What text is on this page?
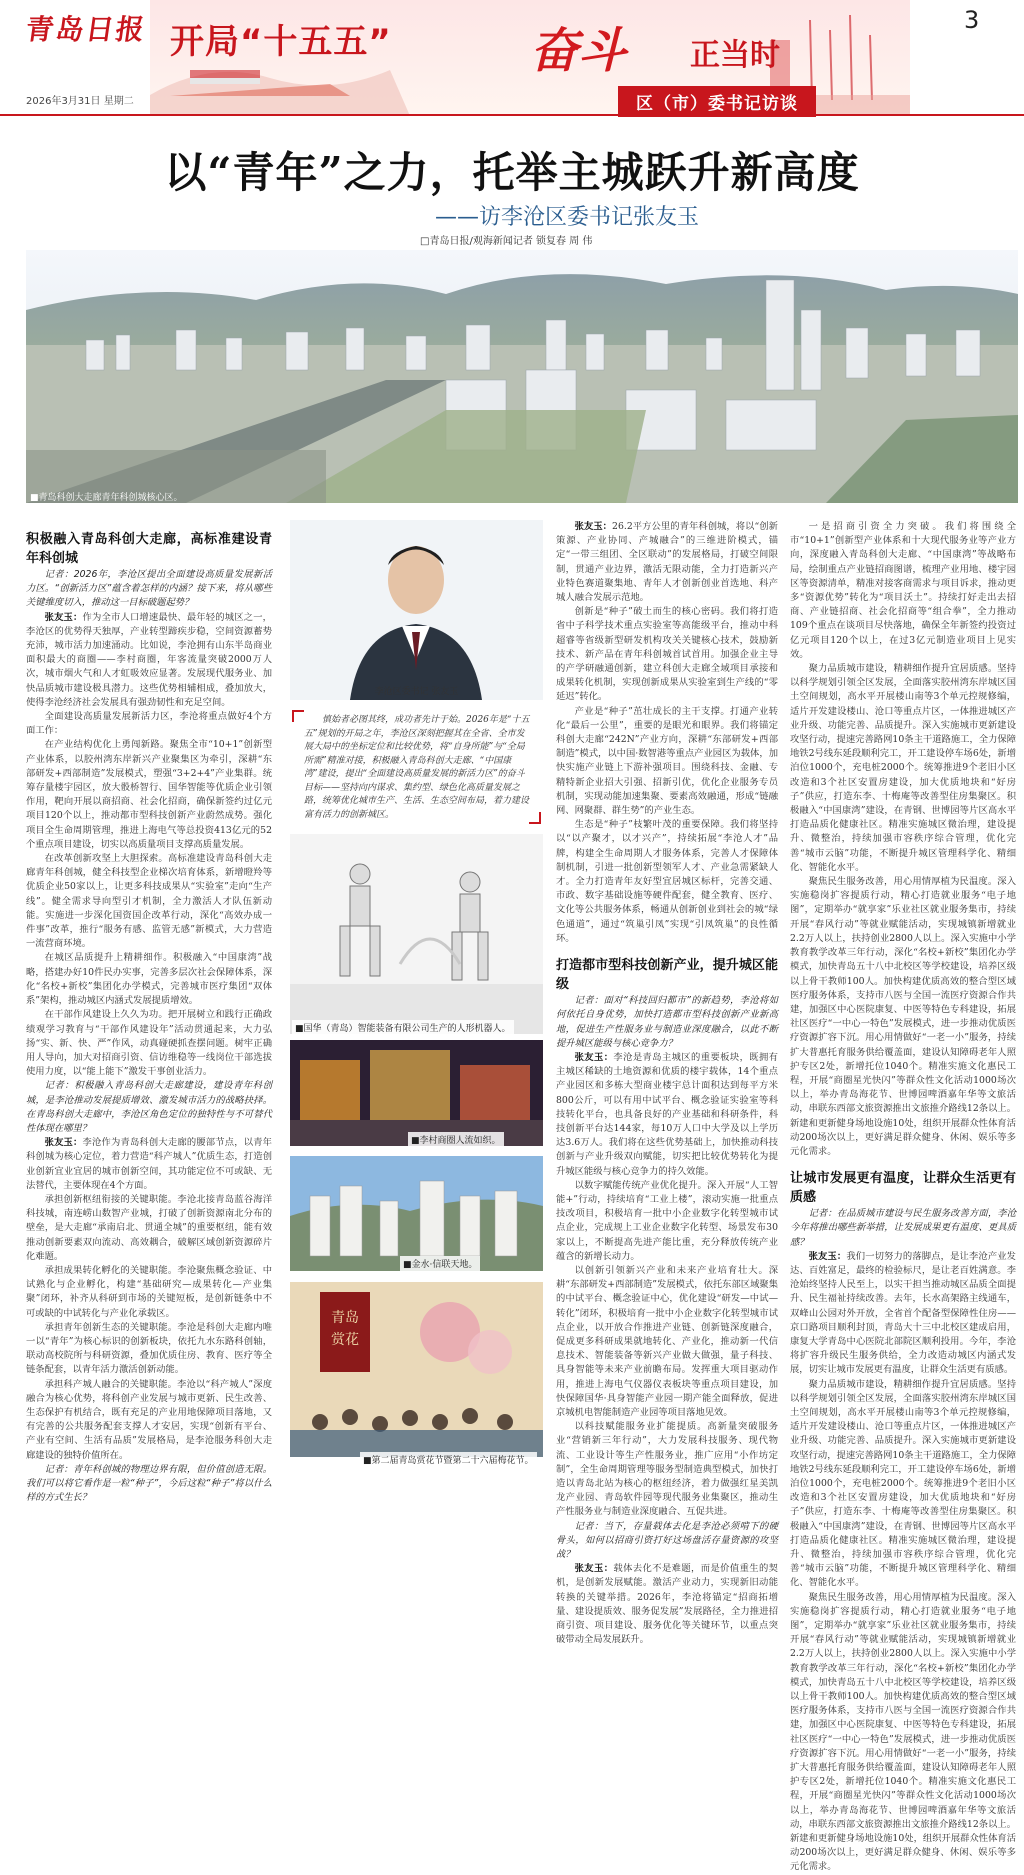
青岛日报
2026年3月31日 星期二
开局“十五五”	奋斗 正当时
区（市）委书记访谈
3
以“青年”之力，托举主城跃升新高度
——访李沧区委书记张友玉
□青岛日报/观海新闻记者 锁复春 周 伟
■青岛科创大走廊青年科创城核心区。

积极融入青岛科创大走廊，高标准建设青年科创城

记者：2026年，李沧区提出全面建设高质量发展新活力区。“创新活力区”蕴含着怎样的内涵？接下来，将从哪些关键维度切入，推动这一目标破题起势？

张友玉：作为全市人口增速最快、最年轻的城区之一，李沧区的优势得天独厚，产业转型蹄疾步稳，空间资源蓄势充沛，城市活力加速涌动。比如说，李沧拥有山东半岛商业面积最大的商圈——李村商圈，年客流量突破2000万人次，城市烟火气和人才虹吸效应显著。发展现代服务业、加快品质城市建设极具潜力。这些优势相辅相成，叠加放大，使得李沧经济社会发展具有强劲韧性和充足空间。

全面建设高质量发展新活力区，李沧将重点做好4个方面工作：

在产业结构优化上勇闯新路。聚焦全市“10+1”创新型产业体系，以胶州湾东岸新兴产业聚集区为牵引，深耕“东部研发+西部制造”发展模式，塑强“3+2+4”产业集群。统筹存量楼宇园区，放大骰桥智行、国华智能等优质企业引领作用，靶向开展以商招商、社会化招商，确保新签约过亿元项目120个以上，推动都市型科技创新产业蔚然成势。强化项目全生命周期管理，推进上海电气等总投资413亿元的52个重点项目建设，切实以高质量项目支撑高质量发展。

在改革创新攻坚上大胆探索。高标准建设青岛科创大走廊青年科创城，健全科技型企业梯次培育体系，新增瞪羚等优质企业50家以上，让更多科技成果从“实验室”走向“生产线”。健全需求导向型引才机制，全力激活人才队伍新动能。实施进一步深化国资国企改革行动，深化“高效办成一件事”改革，推行“服务有感、监管无感”新模式，大力营造一流营商环境。

在城区品质提升上精耕细作。积极融入“中国康湾”战略，搭建办好10件民办实事，完善多层次社会保障体系，深化“名校+新校”集团化办学模式，完善城市医疗集团“双体系”架构，推动城区内涵式发展提质增效。

在干部作风建设上久久为功。把开展树立和践行正确政绩观学习教育与“干部作风建设年”活动贯通起来，大力弘扬“实、新、快、严”作风，动真碰硬抓查摆问题。树牢正确用人导向，加大对招商引资、信访维稳等一线岗位干部选拔使用力度，以“能上能下”激发干事创业活力。

记者：积极融入青岛科创大走廊建设，建设青年科创城，是李沧推动发展提质增效、激发城市活力的战略抉择。在青岛科创大走廊中，李沧区角色定位的独特性与不可替代性体现在哪里？

张友玉：李沧作为青岛科创大走廊的腰部节点，以青年科创城为核心定位，着力营造“科产城人”优质生态，打造创业创新宜业宜居的城市创新空间，其功能定位不可或缺、无法替代，主要体现在4个方面。

承担创新枢纽衔接的关键职能。李沧北接青岛蓝谷海洋科技城，南连崂山数智产业城，打破了创新资源南北分布的壁垒，是大走廊“承南启北、贯通全城”的重要枢纽，能有效推动创新要素双向流动、高效耦合，破解区域创新资源碎片化难题。

承担成果转化孵化的关键职能。李沧聚焦概念验证、中试熟化与企业孵化，构建“基础研究—成果转化—产业集聚”闭环，补齐从科研到市场的关键短板，是创新链条中不可或缺的中试转化与产业化承载区。

承担青年创新生态的关键职能。李沧是科创大走廊内唯一以“青年”为核心标识的创新板块，依托九水东路科创轴，联动高校院所与科研资源，叠加优质住房、教育、医疗等全链条配套，以青年活力激活创新动能。

承担科产城人融合的关键职能。李沧以“科产城人”深度融合为核心优势，将科创产业发展与城市更新、民生改善、生态保护有机结合，既有充足的产业用地保障项目落地，又有完善的公共服务配套支撑人才安居，实现“创新有平台、产业有空间、生活有品质”发展格局，是李沧服务科创大走廊建设的独特价值所在。

记者：青年科创城的物理边界有限，但价值创造无限。我们可以将它看作是一粒“种子”，今后这粒“种子”将以什么样的方式生长？

李沧区委书记 张友玉
慎始者必图其终，成功者先计于始。2026年是“十五五”规划的开局之年，李沧区深刻把握其在全省、全市发展大局中的坐标定位和比较优势，将“自身所能”与“全局所需”精准对接，积极融入青岛科创大走廊、“中国康湾”建设，提出“全面建设高质量发展的新活力区”的奋斗目标——坚持向内谋求、集约型、绿色化高质量发展之路，统筹优化城市生产、生活、生态空间布局，着力建设富有活力的创新城区。
■国华（青岛）智能装备有限公司生产的人形机器人。
■李村商圈人流如织。
■金水·信联天地。
青岛
赏花
■第二届青岛赏花节暨第二十六届梅花节。

张友玉：26.2平方公里的青年科创城，将以“创新策源、产业协同、产城融合”的三维进阶模式，锚定“一带三组团、全区联动”的发展格局，打破空间限制，贯通产业边界，激活无限动能，全力打造新兴产业特色赛道聚集地、青年人才创新创业首选地、科产城人融合发展示范地。

创新是“种子”破土而生的核心密码。我们将打造省中子科学技术重点实验室等高能级平台，推动中科超睿等省级新型研发机构攻关关键核心技术，鼓励新技术、新产品在青年科创城首试首用。加强企业主导的产学研融通创新，建立科创大走廊全域项目承接和成果转化机制，实现创新成果从实验室到生产线的“零延迟”转化。

产业是“种子”茁壮成长的主干支撑。打通产业转化“最后一公里”，重要的是眼光和眼界。我们将锚定科创大走廊“242N”产业方向，深耕“东部研发+西部制造”模式，以中国·数智港等重点产业园区为载体，加快实施产业链上下游补强项目。围绕科技、金融、专精特新企业招大引强、招新引优，优化企业服务专员机制，实现动能加速集聚、要素高效融通，形成“链融网、网聚群、群生势”的产业生态。

生态是“种子”枝繁叶茂的重要保障。我们将坚持以“以产聚才，以才兴产”，持续拓展“李沧人才”品牌，构建全生命周期人才服务体系，完善人才保障体制机制，引进一批创新型领军人才、产业急需紧缺人才。全力打造青年友好型宜居城区标杆，完善交通、市政、数字基础设施等硬件配套，健全教育、医疗、文化等公共服务体系，畅通从创新创业到社会的城“绿色通道”，通过“筑巢引凤”实现“引凤筑巢”的良性循环。

打造都市型科技创新产业，提升城区能级

记者：面对“科技回归都市”的新趋势，李沧将如何依托自身优势，加快打造都市型科技创新产业新高地，促进生产性服务业与制造业深度融合，以此不断提升城区能级与核心竞争力？

张友玉：李沧是青岛主城区的重要板块，既拥有主城区稀缺的土地资源和优质的楼宇载体，14个重点产业园区和多栋大型商业楼宇总计面积达到每平方米800公斤，可以有用中试平台、概念验证实验室等科技转化平台，也具备良好的产业基础和科研条件，科技创新平台达144家，每10万人口中大学及以上学历达3.6万人。我们将在这些优势基础上，加快推动科技创新与产业升级双向赋能，切实把比较优势转化为提升城区能级与核心竞争力的持久效能。

以数字赋能传统产业优化提升。深入开展“人工智能+”行动，持续培育“工业上楼”，滚动实施一批重点技改项目，积极培育一批中小企业数字化转型城市试点企业，完成规上工业企业数字化转型、场景发布30家以上，不断提高先进产能比重，充分释放传统产业蕴含的新增长动力。

以创新引领新兴产业和未来产业培育壮大。深耕“东部研发+西部制造”发展模式，依托东部区域聚集的中试平台、概念验证中心，优化建设“研发—中试—转化”闭环，积极培育一批中小企业数字化转型城市试点企业，以开放合作推进产业链、创新链深度融合，促成更多科研成果就地转化、产业化，推动新一代信息技术、智能装备等新兴产业做大做强，量子科技、具身智能等未来产业前瞻布局。发挥重大项目驱动作用，推进上海电气仪器仪表板块等重点项目建设，加快保障国华·具身智能产业园一期产能全面释放，促进京城机电智能制造产业园等项目落地见效。

以科技赋能服务业扩能提质。高新量突破服务业“营销新三年行动”，大力发展科技服务、现代物流、工业设计等生产性服务业，推广应用“小作坊定制”，全生命周期管理等服务型制造典型模式，加快打造以青岛北站为核心的枢纽经济，着力做强红星美凯龙产业园、青岛软件园等现代服务业集聚区，推动生产性服务业与制造业深度融合、互促共进。

记者：当下，存量载体去化是李沧必须啃下的硬骨头，如何以招商引资打好这场盘活存量资源的攻坚战？

张友玉：载体去化不是难题，而是价值重生的契机，是创新发展赋能。激活产业动力，实现新旧动能转换的关键举措。2026年，李沧将锚定“招商拓增量、建设提质效、服务促发展”发展路径，全力推进招商引资、项目建设、服务优化等关键环节，以重点突破带动全局发展跃升。

一是招商引资全力突破。我们将围绕全市“10+1”创新型产业体系和十大现代服务业等产业方向，深度融入青岛科创大走廊、“中国康湾”等战略布局，绘制重点产业链招商图谱，梳理产业用地、楼宇园区等资源清单，精准对接客商需求与项目诉求，推动更多“资源优势”转化为“项目沃土”。持续打好走出去招商、产业链招商、社会化招商等“组合拳”，全力推动109个重点在谈项目尽快落地，确保全年新签约投资过亿元项目120个以上，在过3亿元制造业项目上见实效。

聚力品质城市建设，精耕细作提升宜居质感。坚持以科学规划引领全区发展，全面落实胶州湾东岸城区国土空间规划，高水平开展楼山南等3个单元控规修编，适片开发建设楼山、沧口等重点片区，一体推进城区产业升级、功能完善、品质提升。深入实施城市更新建设攻坚行动，提速完善路网10条主干道路施工，全力保障地铁2号线东延段顺利完工，开工建设停车场6处，新增泊位1000个，充电桩2000个。统筹推进9个老旧小区改造和3个社区安置房建设，加大优质地块和“好房子”供应，打造东李、十梅庵等改善型住房集聚区。积极融入“中国康湾”建设，在青钢、世博园等片区高水平打造品质化健康社区。精准实施城区微治理，建设提升、微整治，持续加强市容秩序综合管理，优化完善“城市云脑”功能，不断提升城区管理科学化、精细化、智能化水平。

聚焦民生服务改善，用心用情厚植为民温度。深入实施稳岗扩容提质行动，精心打造就业服务“电子地图”，定期举办“就享家”乐业社区就业服务集市，持续开展“春风行动”等就业赋能活动，实现城镇新增就业2.2万人以上，扶持创业2800人以上。深入实施中小学教育教学改革三年行动，深化“名校+新校”集团化办学模式，加快青岛五十八中北校区等学校建设，培养区级以上骨干教师100人。加快构建优质高效的整合型区域医疗服务体系，支持市八医与全国一流医疗资源合作共建，加强区中心医院康复、中医等特色专科建设，拓展社区医疗“一中心一特色”发展模式，进一步推动优质医疗资源扩容下沉。用心用情做好“一老一小”服务，持续扩大普惠托育服务供给覆盖面，建设认知障碍老年人照护专区2处，新增托位1040个。精准实施文化惠民工程，开展“商圈星光快闪”等群众性文化活动1000场次以上，举办青岛海花节、世博园啤酒嘉年华等文旅活动，串联东西部文旅资源推出文旅推介路线12条以上。新建和更新健身场地设施10处，组织开展群众性体育活动200场次以上，更好满足群众健身、休闲、娱乐等多元化需求。

让城市发展更有温度，让群众生活更有质感

记者：在品质城市建设与民生服务改善方面，李沧今年将推出哪些新举措，让发展成果更有温度、更具质感？

张友玉：我们一切努力的落脚点，是让李沧产业发达、百姓富足，最终的检验标尺，是让老百姓满意。李沧始终坚持人民至上，以实干担当推动城区品质全面提升、民生福祉持续改善。去年，长水高架路主线通车，双峰山公园对外开放，全省首个配备型保障性住房——京口路项目顺利封顶，青岛大十三中北校区建成启用，康复大学青岛中心医院北部院区顺利投用。今年，李沧将扩容升级民生服务供给，全力改造动城区内涵式发展，切实让城市发展更有温度，让群众生活更有质感。

聚力品质城市建设，精耕细作提升宜居质感。坚持以科学规划引领全区发展，全面落实胶州湾东岸城区国土空间规划，高水平开展楼山南等3个单元控规修编，适片开发建设楼山、沧口等重点片区，一体推进城区产业升级、功能完善、品质提升。深入实施城市更新建设攻坚行动，提速完善路网10条主干道路施工，全力保障地铁2号线东延段顺利完工，开工建设停车场6处，新增泊位1000个，充电桩2000个。统筹推进9个老旧小区改造和3个社区安置房建设，加大优质地块和“好房子”供应，打造东李、十梅庵等改善型住房集聚区。积极融入“中国康湾”建设，在青钢、世博园等片区高水平打造品质化健康社区。精准实施城区微治理，建设提升、微整治，持续加强市容秩序综合管理，优化完善“城市云脑”功能，不断提升城区管理科学化、精细化、智能化水平。

聚焦民生服务改善，用心用情厚植为民温度。深入实施稳岗扩容提质行动，精心打造就业服务“电子地图”，定期举办“就享家”乐业社区就业服务集市，持续开展“春风行动”等就业赋能活动，实现城镇新增就业2.2万人以上，扶持创业2800人以上。深入实施中小学教育教学改革三年行动，深化“名校+新校”集团化办学模式，加快青岛五十八中北校区等学校建设，培养区级以上骨干教师100人。加快构建优质高效的整合型区域医疗服务体系，支持市八医与全国一流医疗资源合作共建，加强区中心医院康复、中医等特色专科建设，拓展社区医疗“一中心一特色”发展模式，进一步推动优质医疗资源扩容下沉。用心用情做好“一老一小”服务，持续扩大普惠托育服务供给覆盖面，建设认知障碍老年人照护专区2处，新增托位1040个。精准实施文化惠民工程，开展“商圈星光快闪”等群众性文化活动1000场次以上，举办青岛海花节、世博园啤酒嘉年华等文旅活动，串联东西部文旅资源推出文旅推介路线12条以上。新建和更新健身场地设施10处，组织开展群众性体育活动200场次以上，更好满足群众健身、休闲、娱乐等多元化需求。
